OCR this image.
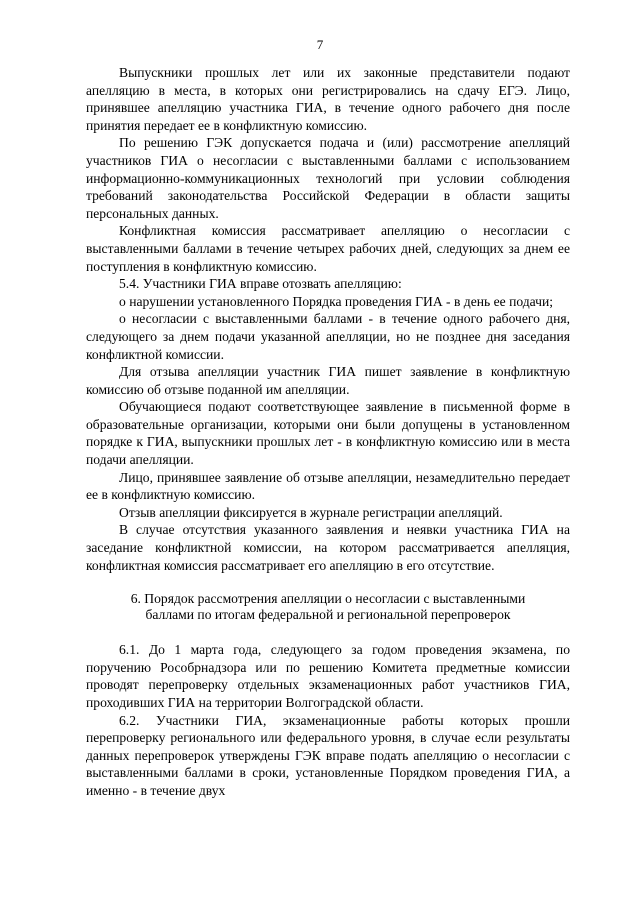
7

Выпускники прошлых лет или их законные представители подают апелляцию в места, в которых они регистрировались на сдачу ЕГЭ. Лицо, принявшее апелляцию участника ГИА, в течение одного рабочего дня после принятия передает ее в конфликтную комиссию.

По решению ГЭК допускается подача и (или) рассмотрение апелляций участников ГИА о несогласии с выставленными баллами с использованием информационно-коммуникационных технологий при условии соблюдения требований законодательства Российской Федерации в области защиты персональных данных.

Конфликтная комиссия рассматривает апелляцию о несогласии с выставленными баллами в течение четырех рабочих дней, следующих за днем ее поступления в конфликтную комиссию.

5.4. Участники ГИА вправе отозвать апелляцию:

о нарушении установленного Порядка проведения ГИА - в день ее подачи;

о несогласии с выставленными баллами - в течение одного рабочего дня, следующего за днем подачи указанной апелляции, но не позднее дня заседания конфликтной комиссии.

Для отзыва апелляции участник ГИА пишет заявление в конфликтную комиссию об отзыве поданной им апелляции.

Обучающиеся подают соответствующее заявление в письменной форме в образовательные организации, которыми они были допущены в установленном порядке к ГИА, выпускники прошлых лет - в конфликтную комиссию или в места подачи апелляции.

Лицо, принявшее заявление об отзыве апелляции, незамедлительно передает ее в конфликтную комиссию.

Отзыв апелляции фиксируется в журнале регистрации апелляций.

В случае отсутствия указанного заявления и неявки участника ГИА на заседание конфликтной комиссии, на котором рассматривается апелляция, конфликтная комиссия рассматривает его апелляцию в его отсутствие.

6. Порядок рассмотрения апелляции о несогласии с выставленными
баллами по итогам федеральной и региональной перепроверок

6.1. До 1 марта года, следующего за годом проведения экзамена, по поручению Рособрнадзора или по решению Комитета предметные комиссии проводят перепроверку отдельных экзаменационных работ участников ГИА, проходивших ГИА на территории Волгоградской области.

6.2. Участники ГИА, экзаменационные работы которых прошли перепроверку регионального или федерального уровня, в случае если результаты данных перепроверок утверждены ГЭК вправе подать апелляцию о несогласии с выставленными баллами в сроки, установленные Порядком проведения ГИА, а именно - в течение двух
